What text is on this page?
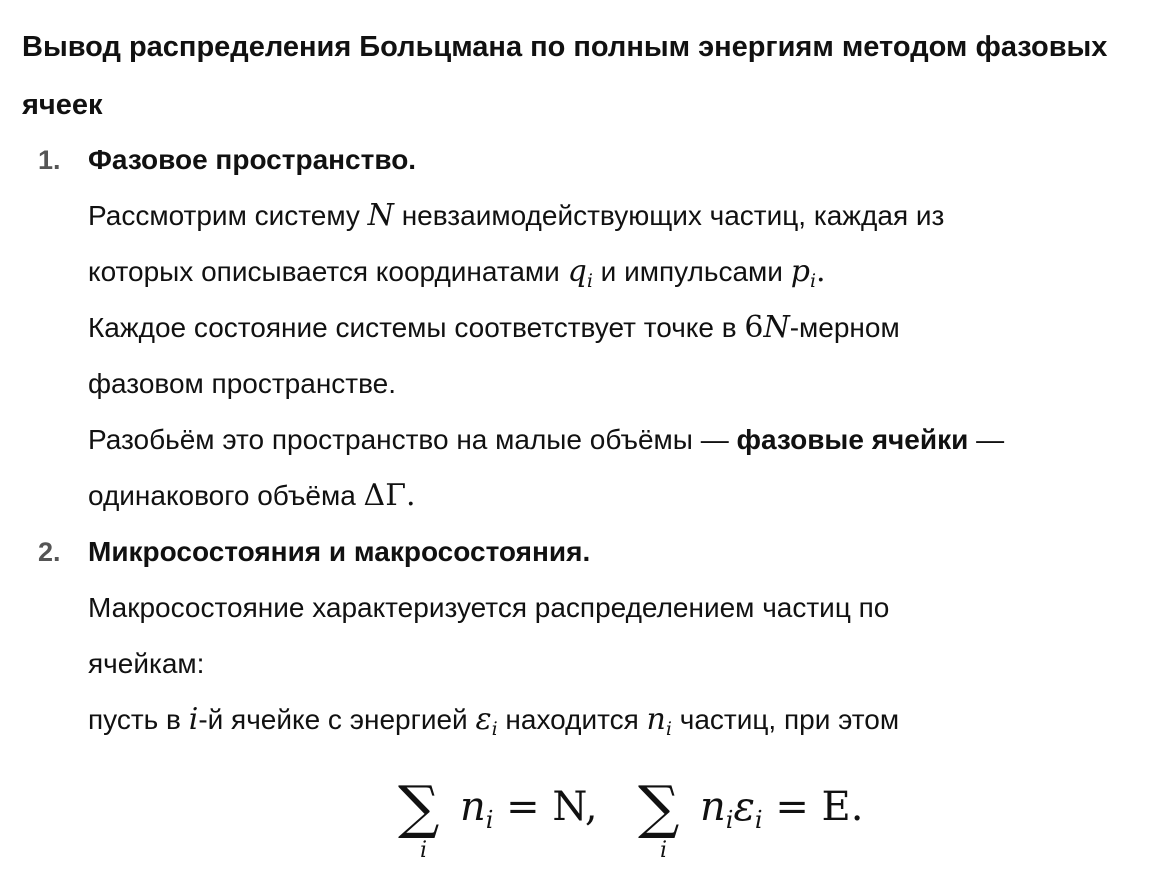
Вывод распределения Больцмана по полным энергиям методом фазовых ячеек
1. Фазовое пространство.
Рассмотрим систему N невзаимодействующих частиц, каждая из
которых описывается координатами $q_i$ и импульсами $p_i$.
Каждое состояние системы соответствует точке в 6N-мерном
фазовом пространстве.
Разобьём это пространство на малые объёмы — фазовые ячейки —
одинакового объёма ΔΓ.
2. Микросостояния и макросостояния.
Макросостояние характеризуется распределением частиц по
ячейкам:
пусть в i-й ячейке с энергией $\varepsilon_i$ находится $n_i$ частиц, при этом
∑
i
$n_i = N$, ∑
i
$n_i\varepsilon_i = E$.
